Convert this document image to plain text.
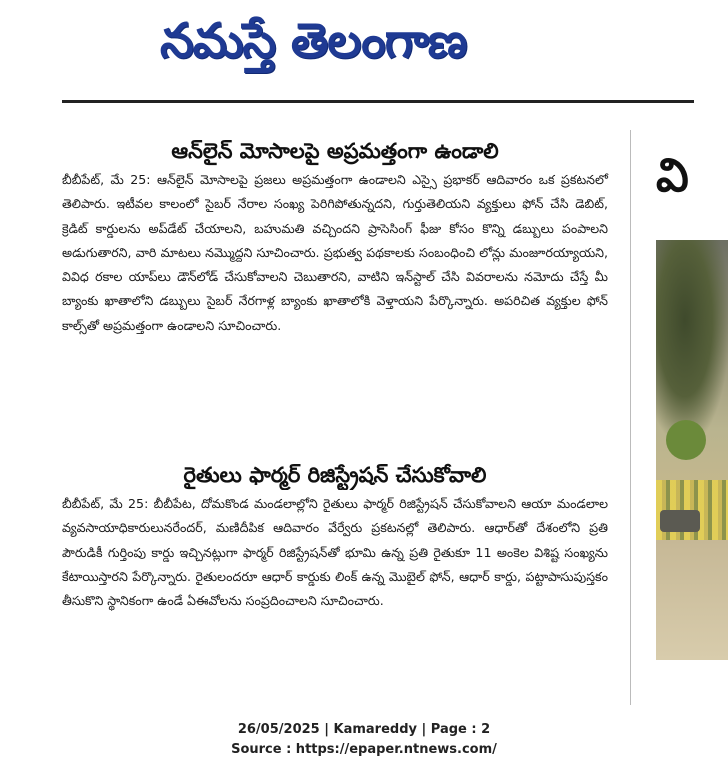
నమస్తే తెలంగాణ
ఆన్‌లైన్ మోసాలపై అప్రమత్తంగా ఉండాలి
బీబీపేట్, మే 25: ఆన్‌లైన్ మోసాలపై ప్రజలు అప్రమత్తంగా ఉండాలని ఎస్సై ప్రభాకర్ ఆదివారం ఒక ప్రకటనలో తెలిపారు. ఇటీవల కాలంలో సైబర్ నేరాల సంఖ్య పెరిగిపోతున్నదని, గుర్తుతెలియని వ్యక్తులు ఫోన్ చేసి డెబిట్, క్రెడిట్ కార్డులను అప్‌డేట్ చేయాలని, బహుమతి వచ్చిందని ప్రాసెసింగ్ ఫీజు కోసం కొన్ని డబ్బులు పంపాలని అడుగుతారని, వారి మాటలు నమ్మొద్దని సూచించారు. ప్రభుత్వ పథకాలకు సంబంధించి లోన్లు మంజూరయ్యాయని, వివిధ రకాల యాప్‌లు డౌన్‌లోడ్ చేసుకోవాలని చెబుతారని, వాటిని ఇన్‌స్టాల్ చేసి వివరాలను నమోదు చేస్తే మీ బ్యాంకు ఖాతాలోని డబ్బులు సైబర్ నేరగాళ్ల బ్యాంకు ఖాతాలోకి వెళ్తాయని పేర్కొన్నారు. అపరిచిత వ్యక్తుల ఫోన్ కాల్స్‌తో అప్రమత్తంగా ఉండాలని సూచించారు.
రైతులు ఫార్మర్ రిజిస్ట్రేషన్ చేసుకోవాలి
బీబీపేట్, మే 25: బీబీపేట, దోమకొండ మండలాల్లోని రైతులు ఫార్మర్ రిజిస్ట్రేషన్ చేసుకోవాలని ఆయా మండలాల వ్యవసాయాధికారులునరేందర్, మణిదీపిక ఆదివారం వేర్వేరు ప్రకటనల్లో తెలిపారు. ఆధార్‌తో దేశంలోని ప్రతి పౌరుడికీ గుర్తింపు కార్డు ఇచ్చినట్లుగా ఫార్మర్ రిజిస్ట్రేషన్‌తో భూమి ఉన్న ప్రతి రైతుకూ 11 అంకెల విశిష్ట సంఖ్యను కేటాయిస్తారని పేర్కొన్నారు. రైతులందరూ ఆధార్ కార్డుకు లింక్ ఉన్న మొబైల్ ఫోన్, ఆధార్ కార్డు, పట్టాపాసుపుస్తకం తీసుకొని స్థానికంగా ఉండే ఏఈవోలను సంప్రదించాలని సూచించారు.
వి
26/05/2025 | Kamareddy | Page : 2
Source : https://epaper.ntnews.com/
